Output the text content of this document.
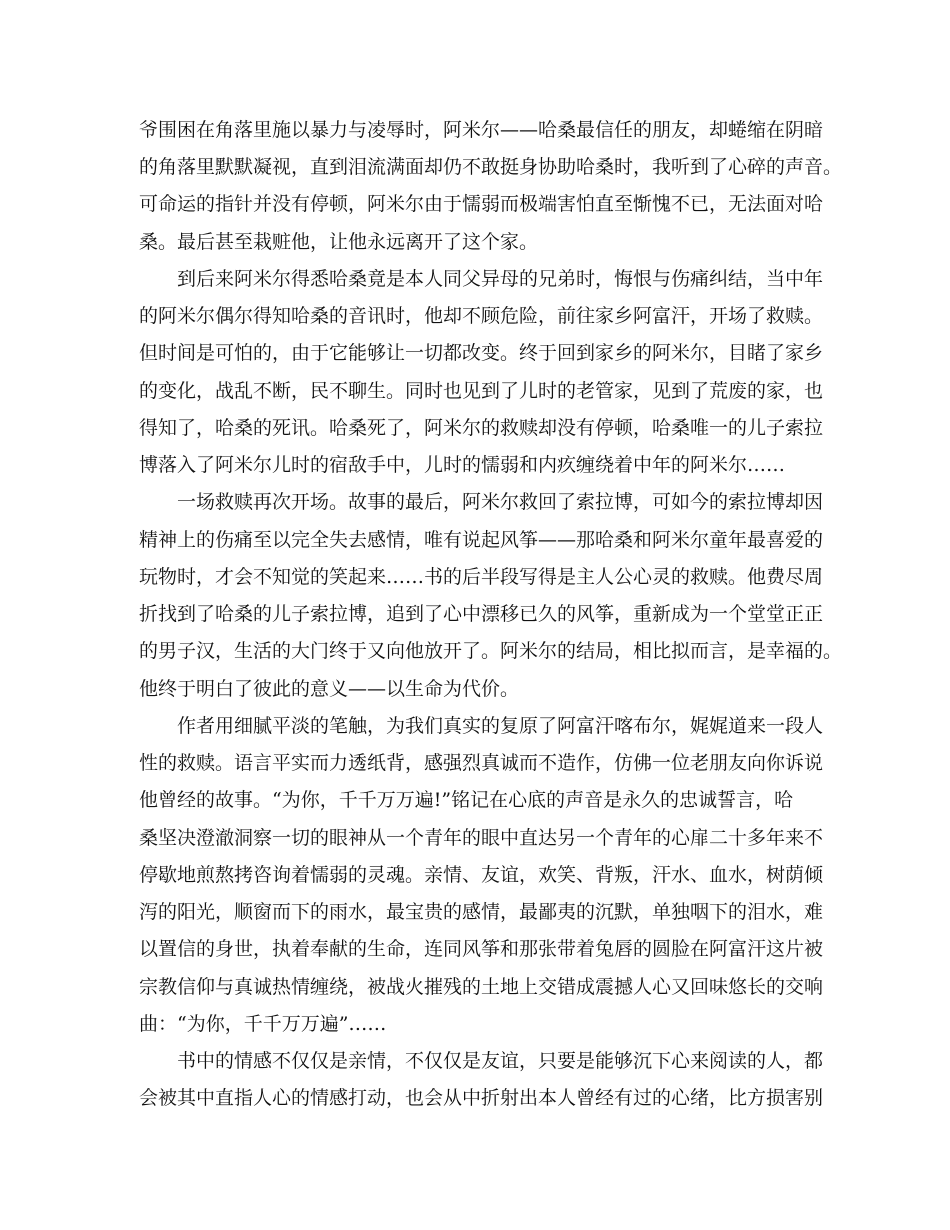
爷围困在角落里施以暴力与凌辱时，阿米尔——哈桑最信任的朋友，却蜷缩在阴暗
的角落里默默凝视，直到泪流满面却仍不敢挺身协助哈桑时，我听到了心碎的声音。
可命运的指针并没有停顿，阿米尔由于懦弱而极端害怕直至惭愧不已，无法面对哈
桑。最后甚至栽赃他，让他永远离开了这个家。
到后来阿米尔得悉哈桑竟是本人同父异母的兄弟时，悔恨与伤痛纠结，当中年
的阿米尔偶尔得知哈桑的音讯时，他却不顾危险，前往家乡阿富汗，开场了救赎。
但时间是可怕的，由于它能够让一切都改变。终于回到家乡的阿米尔，目睹了家乡
的变化，战乱不断，民不聊生。同时也见到了儿时的老管家，见到了荒废的家，也
得知了，哈桑的死讯。哈桑死了，阿米尔的救赎却没有停顿，哈桑唯一的儿子索拉
博落入了阿米尔儿时的宿敌手中，儿时的懦弱和内疚缠绕着中年的阿米尔……
一场救赎再次开场。故事的最后，阿米尔救回了索拉博，可如今的索拉博却因
精神上的伤痛至以完全失去感情，唯有说起风筝——那哈桑和阿米尔童年最喜爱的
玩物时，才会不知觉的笑起来……书的后半段写得是主人公心灵的救赎。他费尽周
折找到了哈桑的儿子索拉博，追到了心中漂移已久的风筝，重新成为一个堂堂正正
的男子汉，生活的大门终于又向他放开了。阿米尔的结局，相比拟而言，是幸福的。
他终于明白了彼此的意义——以生命为代价。
作者用细腻平淡的笔触，为我们真实的复原了阿富汗喀布尔，娓娓道来一段人
性的救赎。语言平实而力透纸背，感强烈真诚而不造作，仿佛一位老朋友向你诉说
他曾经的故事。“为你，千千万万遍!”铭记在心底的声音是永久的忠诚誓言，哈
桑坚决澄澈洞察一切的眼神从一个青年的眼中直达另一个青年的心扉二十多年来不
停歇地煎熬拷咨询着懦弱的灵魂。亲情、友谊，欢笑、背叛，汗水、血水，树荫倾
泻的阳光，顺窗而下的雨水，最宝贵的感情，最鄙夷的沉默，单独咽下的泪水，难
以置信的身世，执着奉献的生命，连同风筝和那张带着兔唇的圆脸在阿富汗这片被
宗教信仰与真诚热情缠绕，被战火摧残的土地上交错成震撼人心又回味悠长的交响
曲：“为你，千千万万遍”……
书中的情感不仅仅是亲情，不仅仅是友谊，只要是能够沉下心来阅读的人，都
会被其中直指人心的情感打动，也会从中折射出本人曾经有过的心绪，比方损害别
